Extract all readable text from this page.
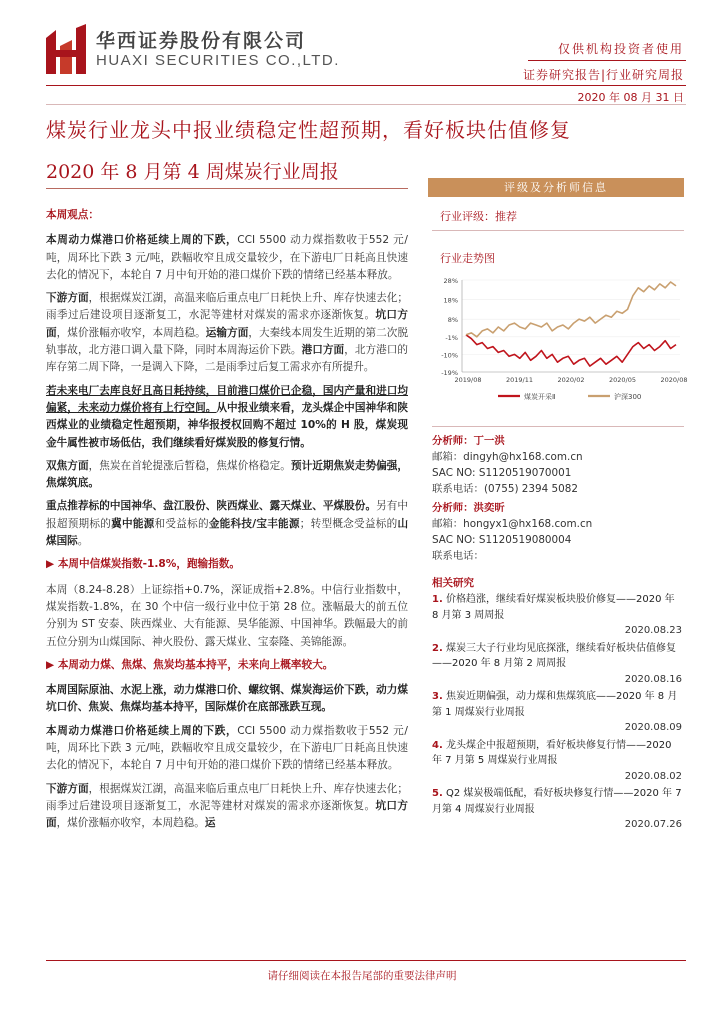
华西证券股份有限公司
HUAXI SECURITIES CO.,LTD.
仅供机构投资者使用
证券研究报告|行业研究周报
2020 年 08 月 31 日
煤炭行业龙头中报业绩稳定性超预期，看好板块估值修复
2020 年 8 月第 4 周煤炭行业周报

本周观点：

本周动力煤港口价格延续上周的下跌，CCI 5500 动力煤指数收于552 元/吨，周环比下跌 3 元/吨，跌幅收窄且成交量较少，在下游电厂日耗高且快速去化的情况下，本轮自 7 月中旬开始的港口煤价下跌的情绪已经基本释放。

下游方面，根据煤炭江湖，高温来临后重点电厂日耗快上升、库存快速去化；雨季过后建设项目逐渐复工，水泥等建材对煤炭的需求亦逐渐恢复。坑口方面，煤价涨幅亦收窄，本周趋稳。运输方面，大秦线本周发生近期的第二次脱轨事故，北方港口调入量下降，同时本周海运价下跌。港口方面，北方港口的库存第二周下降，一是调入下降，二是雨季过后复工需求亦有所提升。

若未来电厂去库良好且高日耗持续，目前港口煤价已企稳，国内产量和进口均偏紧，未来动力煤价将有上行空间。从中报业绩来看，龙头煤企中国神华和陕西煤业的业绩稳定性超预期，神华报授权回购不超过 10%的 H 股，煤炭现金牛属性被市场低估，我们继续看好煤炭股的修复行情。

双焦方面，焦炭在首轮提涨后暂稳，焦煤价格稳定。预计近期焦炭走势偏强，焦煤筑底。

重点推荐标的中国神华、盘江股份、陕西煤业、露天煤业、平煤股份。另有中报超预期标的冀中能源和受益标的金能科技/宝丰能源；转型概念受益标的山煤国际。

▶ 本周中信煤炭指数-1.8%，跑输指数。

本周（8.24-8.28）上证综指+0.7%，深证成指+2.8%。中信行业指数中，煤炭指数-1.8%，在 30 个中信一级行业中位于第 28 位。涨幅最大的前五位分别为 ST 安泰、陕西煤业、大有能源、昊华能源、中国神华。跌幅最大的前五位分别为山煤国际、神火股份、露天煤业、宝泰隆、美锦能源。

▶ 本周动力煤、焦煤、焦炭均基本持平，未来向上概率较大。

本周国际原油、水泥上涨，动力煤港口价、螺纹钢、煤炭海运价下跌，动力煤坑口价、焦炭、焦煤均基本持平，国际煤价在底部涨跌互现。

本周动力煤港口价格延续上周的下跌，CCI 5500 动力煤指数收于552 元/吨，周环比下跌 3 元/吨，跌幅收窄且成交量较少，在下游电厂日耗高且快速去化的情况下，本轮自 7 月中旬开始的港口煤价下跌的情绪已经基本释放。

下游方面，根据煤炭江湖，高温来临后重点电厂日耗快上升、库存快速去化；雨季过后建设项目逐渐复工，水泥等建材对煤炭的需求亦逐渐恢复。坑口方面，煤价涨幅亦收窄，本周趋稳。运

评级及分析师信息
行业评级：推荐
行业走势图
28%
18%
8%
-1%
-10%
-19%
2019/08	2019/11	2020/02	2020/05	2020/08
煤炭开采Ⅱ	沪深300
分析师：丁一洪
邮箱：dingyh@hx168.com.cn
SAC NO: S1120519070001
联系电话：(0755) 2394 5082
分析师：洪奕昕
邮箱：hongyx1@hx168.com.cn
SAC NO: S1120519080004
联系电话：
相关研究
1. 价格趋涨，继续看好煤炭板块股价修复——2020 年 8 月第 3 周周报
2020.08.23
2. 煤炭三大子行业均见底探涨，继续看好板块估值修复——2020 年 8 月第 2 周周报
2020.08.16
3. 焦炭近期偏强，动力煤和焦煤筑底——2020 年 8 月第 1 周煤炭行业周报
2020.08.09
4. 龙头煤企中报超预期，看好板块修复行情——2020 年 7 月第 5 周煤炭行业周报
2020.08.02
5. Q2 煤炭极端低配，看好板块修复行情——2020 年 7 月第 4 周煤炭行业周报
2020.07.26
请仔细阅读在本报告尾部的重要法律声明
